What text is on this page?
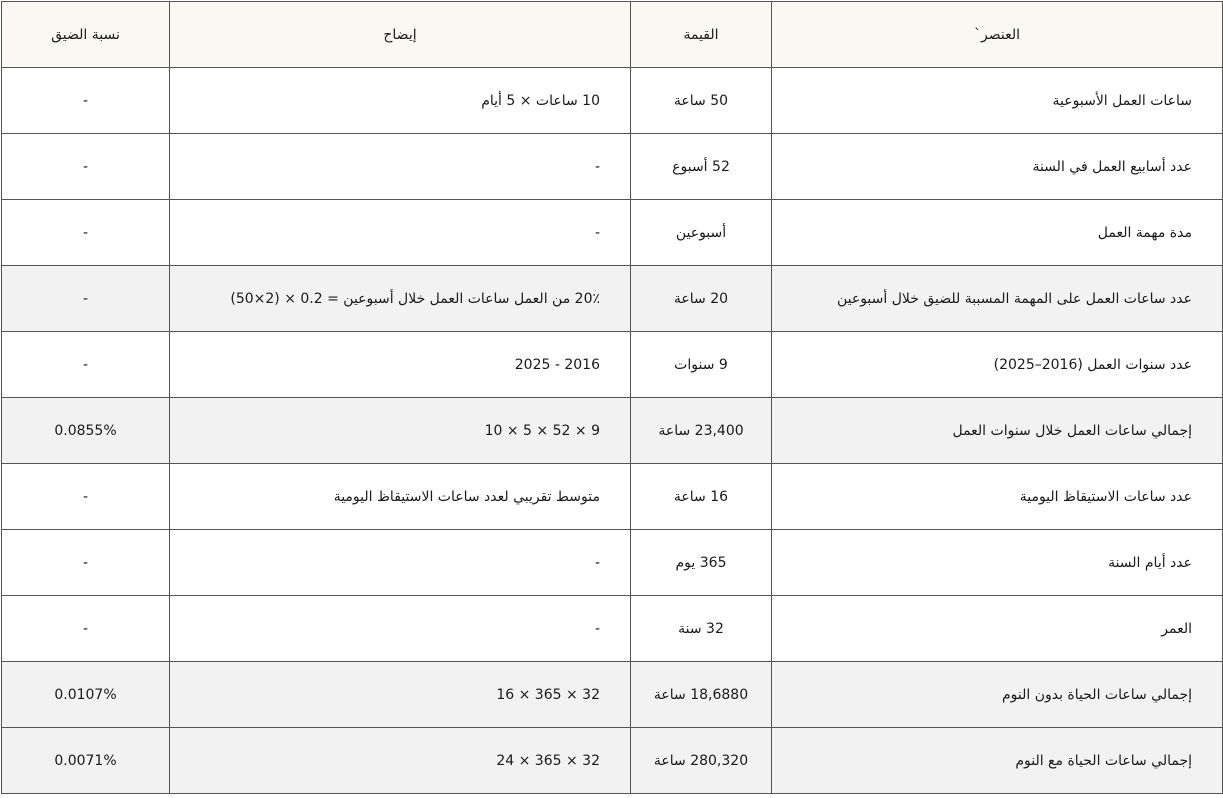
العنصرˋ	القيمة	إيضاح	نسبة الضيق
ساعات العمل الأسبوعية	50 ساعة	10 ساعات × 5 أيام	-
عدد أسابيع العمل في السنة	52 أسبوع	-	-
مدة مهمة العمل	أسبوعين	-	-
عدد ساعات العمل على المهمة المسببة للضيق خلال أسبوعين	20 ساعة	20٪ من العمل ساعات العمل خلال أسبوعين = 0.2 × (2×50)	-
عدد سنوات العمل (2016–2025)	9 سنوات	2016 - 2025	-
إجمالي ساعات العمل خلال سنوات العمل	23,400 ساعة	9 × 52 × 5 × 10	0.0855%
عدد ساعات الاستيقاظ اليومية	16 ساعة	متوسط تقريبي لعدد ساعات الاستيقاظ اليومية	-
عدد أيام السنة	365 يوم	-	-
العمر	32 سنة	-	-
إجمالي ساعات الحياة بدون النوم	18,6880 ساعة	32 × 365 × 16	0.0107%
إجمالي ساعات الحياة مع النوم	280,320 ساعة	32 × 365 × 24	0.0071%
